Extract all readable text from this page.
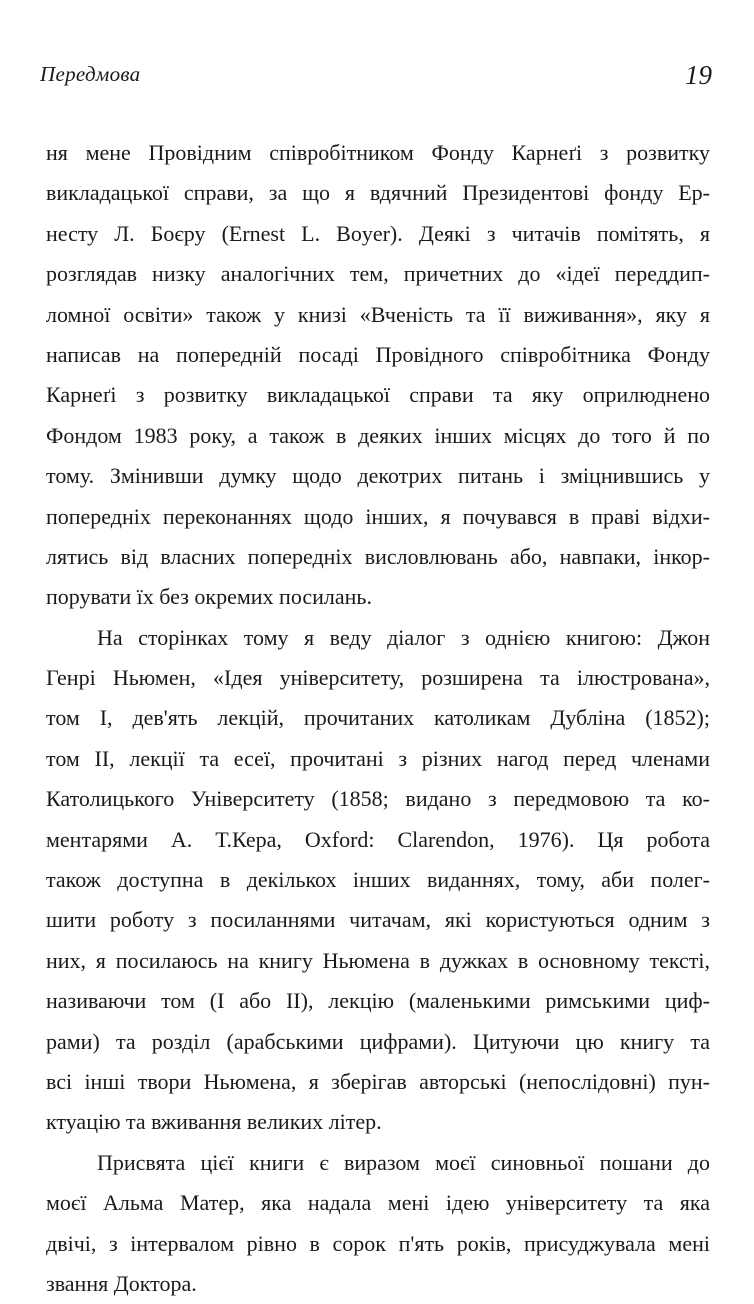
Передмова	19
ня мене Провідним співробітником Фонду Карнеґі з розвитку
викладацької справи, за що я вдячний Президентові фонду Ер-
несту Л. Боєру (Ernest L. Boyer). Деякі з читачів помітять, я
розглядав низку аналогічних тем, причетних до «ідеї переддип-
ломної освіти» також у книзі «Вченість та її виживання», яку я
написав на попередній посаді Провідного співробітника Фонду
Карнеґі з розвитку викладацької справи та яку оприлюднено
Фондом 1983 року, а також в деяких інших місцях до того й по
тому. Змінивши думку щодо декотрих питань і зміцнившись у
попередніх переконаннях щодо інших, я почувався в праві відхи-
лятись від власних попередніх висловлювань або, навпаки, інкор-
порувати їх без окремих посилань.
На сторінках тому я веду діалог з однією книгою: Джон
Генрі Ньюмен, «Ідея університету, розширена та ілюстрована»,
том I, дев'ять лекцій, прочитаних католикам Дубліна (1852);
том II, лекції та есеї, прочитані з різних нагод перед членами
Католицького Університету (1858; видано з передмовою та ко-
ментарями А. Т.Кера, Oxford: Clarendon, 1976). Ця робота
також доступна в декількох інших виданнях, тому, аби полег-
шити роботу з посиланнями читачам, які користуються одним з
них, я посилаюсь на книгу Ньюмена в дужках в основному тексті,
називаючи том (I або II), лекцію (маленькими римськими циф-
рами) та розділ (арабськими цифрами). Цитуючи цю книгу та
всі інші твори Ньюмена, я зберігав авторські (непослідовні) пун-
ктуацію та вживання великих літер.
Присвята цієї книги є виразом моєї синовньої пошани до
моєї Альма Матер, яка надала мені ідею університету та яка
двічі, з інтервалом рівно в сорок п'ять років, присуджувала мені
звання Доктора.
